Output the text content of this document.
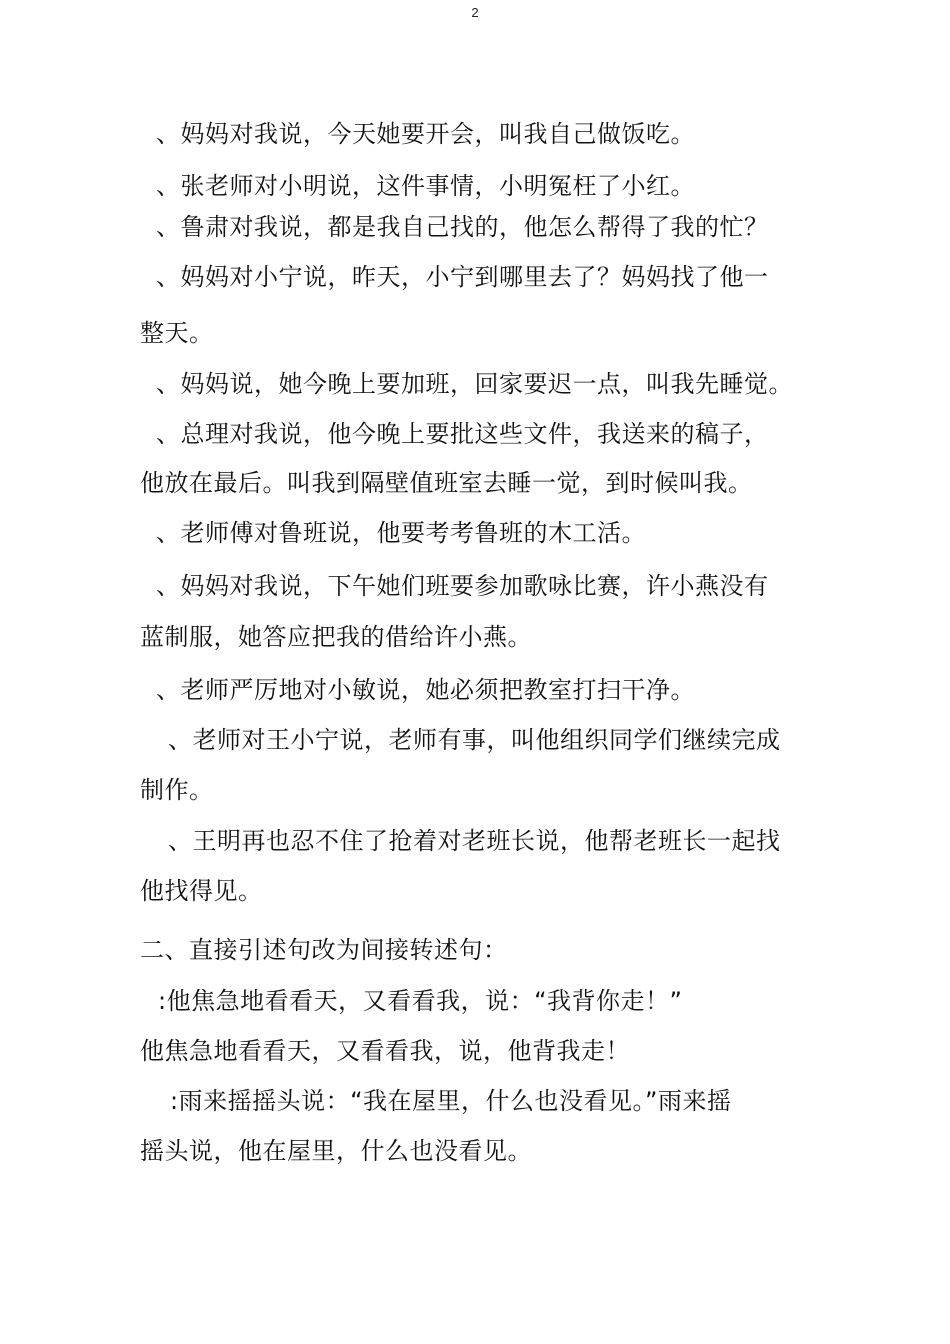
2
、妈妈对我说，今天她要开会，叫我自己做饭吃。
、张老师对小明说，这件事情，小明冤枉了小红。
、鲁肃对我说，都是我自己找的，他怎么帮得了我的忙？
、妈妈对小宁说，昨天，小宁到哪里去了？妈妈找了他一
整天。
、妈妈说，她今晚上要加班，回家要迟一点，叫我先睡觉。
、总理对我说，他今晚上要批这些文件，我送来的稿子，
他放在最后。叫我到隔壁值班室去睡一觉，到时候叫我。
、老师傅对鲁班说，他要考考鲁班的木工活。
、妈妈对我说，下午她们班要参加歌咏比赛，许小燕没有
蓝制服，她答应把我的借给许小燕。
、老师严厉地对小敏说，她必须把教室打扫干净。
、老师对王小宁说，老师有事，叫他组织同学们继续完成
制作。
、王明再也忍不住了抢着对老班长说，他帮老班长一起找
他找得见。
二、直接引述句改为间接转述句：
:他焦急地看看天，又看看我，说：“我背你走！”
他焦急地看看天，又看看我，说，他背我走！
:雨来摇摇头说：“我在屋里，什么也没看见。”雨来摇
摇头说，他在屋里，什么也没看见。
